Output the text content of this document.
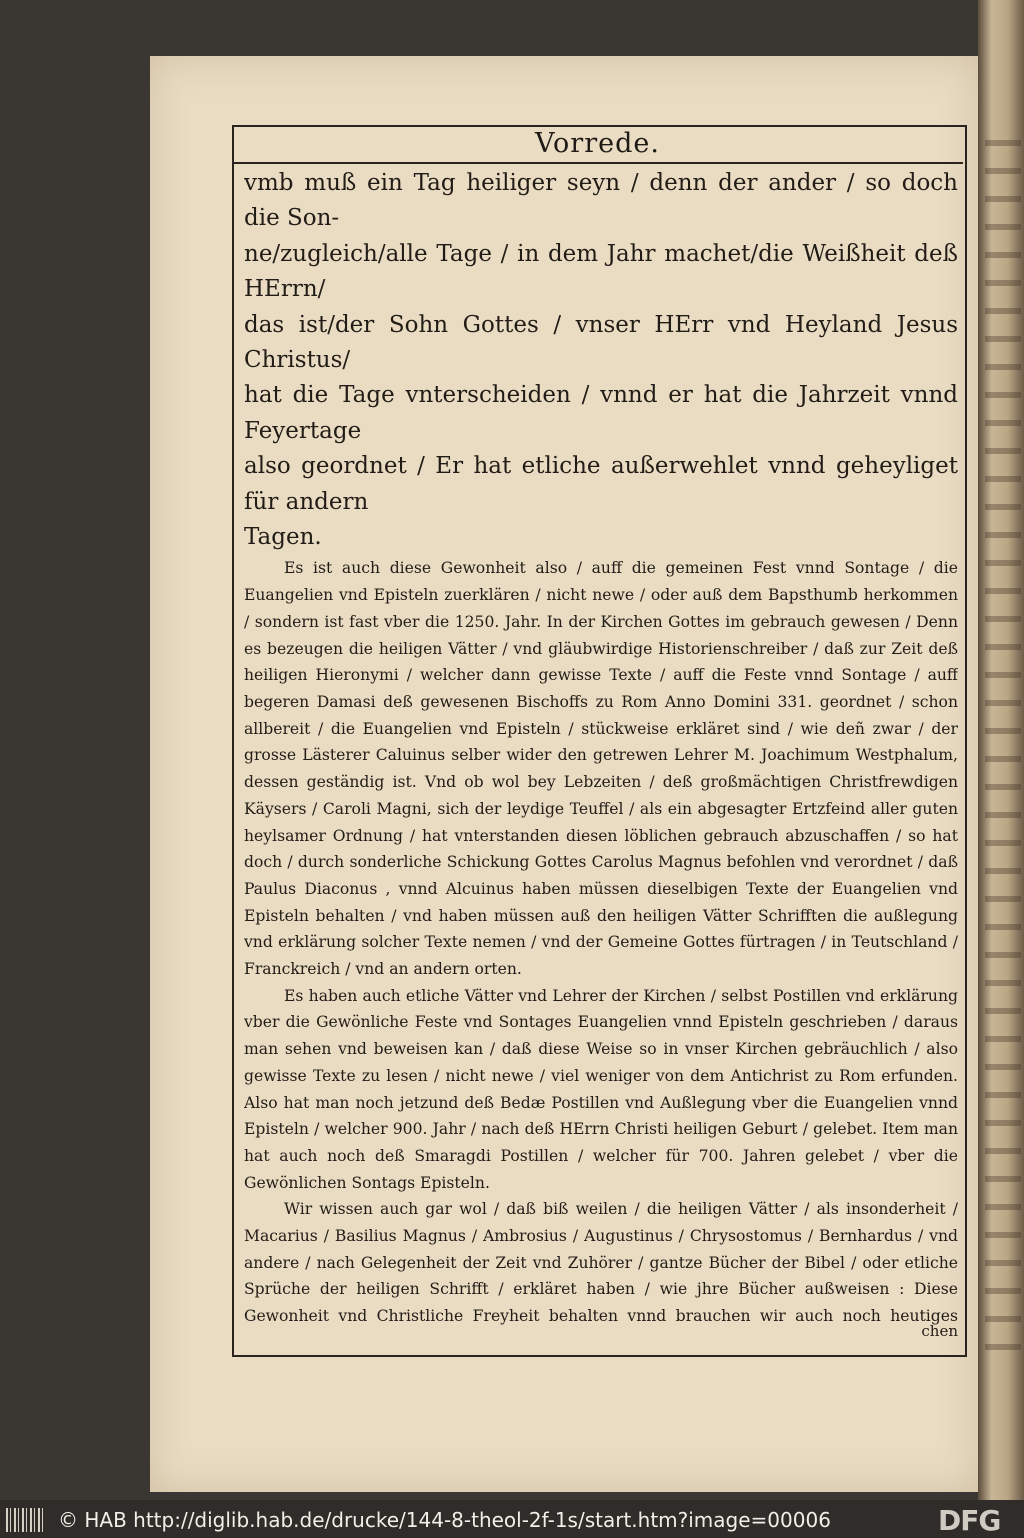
Vorrede.

vmb muß ein Tag heiliger seyn / denn der ander / so doch die Son-

ne/zugleich/alle Tage / in dem Jahr machet/die Weißheit deß HErrn/

das ist/der Sohn Gottes / vnser HErr vnd Heyland Jesus Christus/

hat die Tage vnterscheiden / vnnd er hat die Jahrzeit vnnd Feyertage

also geordnet / Er hat etliche außerwehlet vnnd geheyliget für andern

Tagen.

Es ist auch diese Gewonheit also / auff die gemeinen Fest vnnd Sontage / die Euangelien vnd Episteln zuerklären / nicht newe / oder auß dem Bapsthumb herkommen / sondern ist fast vber die 1250. Jahr. In der Kirchen Gottes im gebrauch gewesen / Denn es bezeugen die heiligen Vätter / vnd gläubwirdige Historienschreiber / daß zur Zeit deß heiligen Hieronymi / welcher dann gewisse Texte / auff die Feste vnnd Sontage / auff begeren Damasi deß gewesenen Bischoffs zu Rom Anno Domini 331. geordnet / schon allbereit / die Euangelien vnd Episteln / stückweise erkläret sind / wie deñ zwar / der grosse Lästerer Caluinus selber wider den getrewen Lehrer M. Joachimum Westphalum, dessen geständig ist. Vnd ob wol bey Lebzeiten / deß großmächtigen Christfrewdigen Käysers / Caroli Magni, sich der leydige Teuffel / als ein abgesagter Ertzfeind aller guten heylsamer Ordnung / hat vnterstanden diesen löblichen gebrauch abzuschaffen / so hat doch / durch sonderliche Schickung Gottes Carolus Magnus befohlen vnd verordnet / daß Paulus Diaconus , vnnd Alcuinus haben müssen dieselbigen Texte der Euangelien vnd Episteln behalten / vnd haben müssen auß den heiligen Vätter Schrifften die außlegung vnd erklärung solcher Texte nemen / vnd der Gemeine Gottes fürtragen / in Teutschland / Franckreich / vnd an andern orten.

Es haben auch etliche Vätter vnd Lehrer der Kirchen / selbst Postillen vnd erklärung vber die Gewönliche Feste vnd Sontages Euangelien vnnd Episteln geschrieben / daraus man sehen vnd beweisen kan / daß diese Weise so in vnser Kirchen gebräuchlich / also gewisse Texte zu lesen / nicht newe / viel weniger von dem Antichrist zu Rom erfunden. Also hat man noch jetzund deß Bedæ Postillen vnd Außlegung vber die Euangelien vnnd Episteln / welcher 900. Jahr / nach deß HErrn Christi heiligen Geburt / gelebet. Item man hat auch noch deß Smaragdi Postillen / welcher für 700. Jahren gelebet / vber die Gewönlichen Sontags Episteln.

Wir wissen auch gar wol / daß biß weilen / die heiligen Vätter / als insonderheit / Macarius / Basilius Magnus / Ambrosius / Augustinus / Chrysostomus / Bernhardus / vnd andere / nach Gelegenheit der Zeit vnd Zuhörer / gantze Bücher der Bibel / oder etliche Sprüche der heiligen Schrifft / erkläret haben / wie jhre Bücher außweisen : Diese Gewonheit vnd Christliche Freyheit behalten vnnd brauchen wir auch noch heutiges

chen
© HAB http://diglib.hab.de/drucke/144-8-theol-2f-1s/start.htm?image=00006	DFG
